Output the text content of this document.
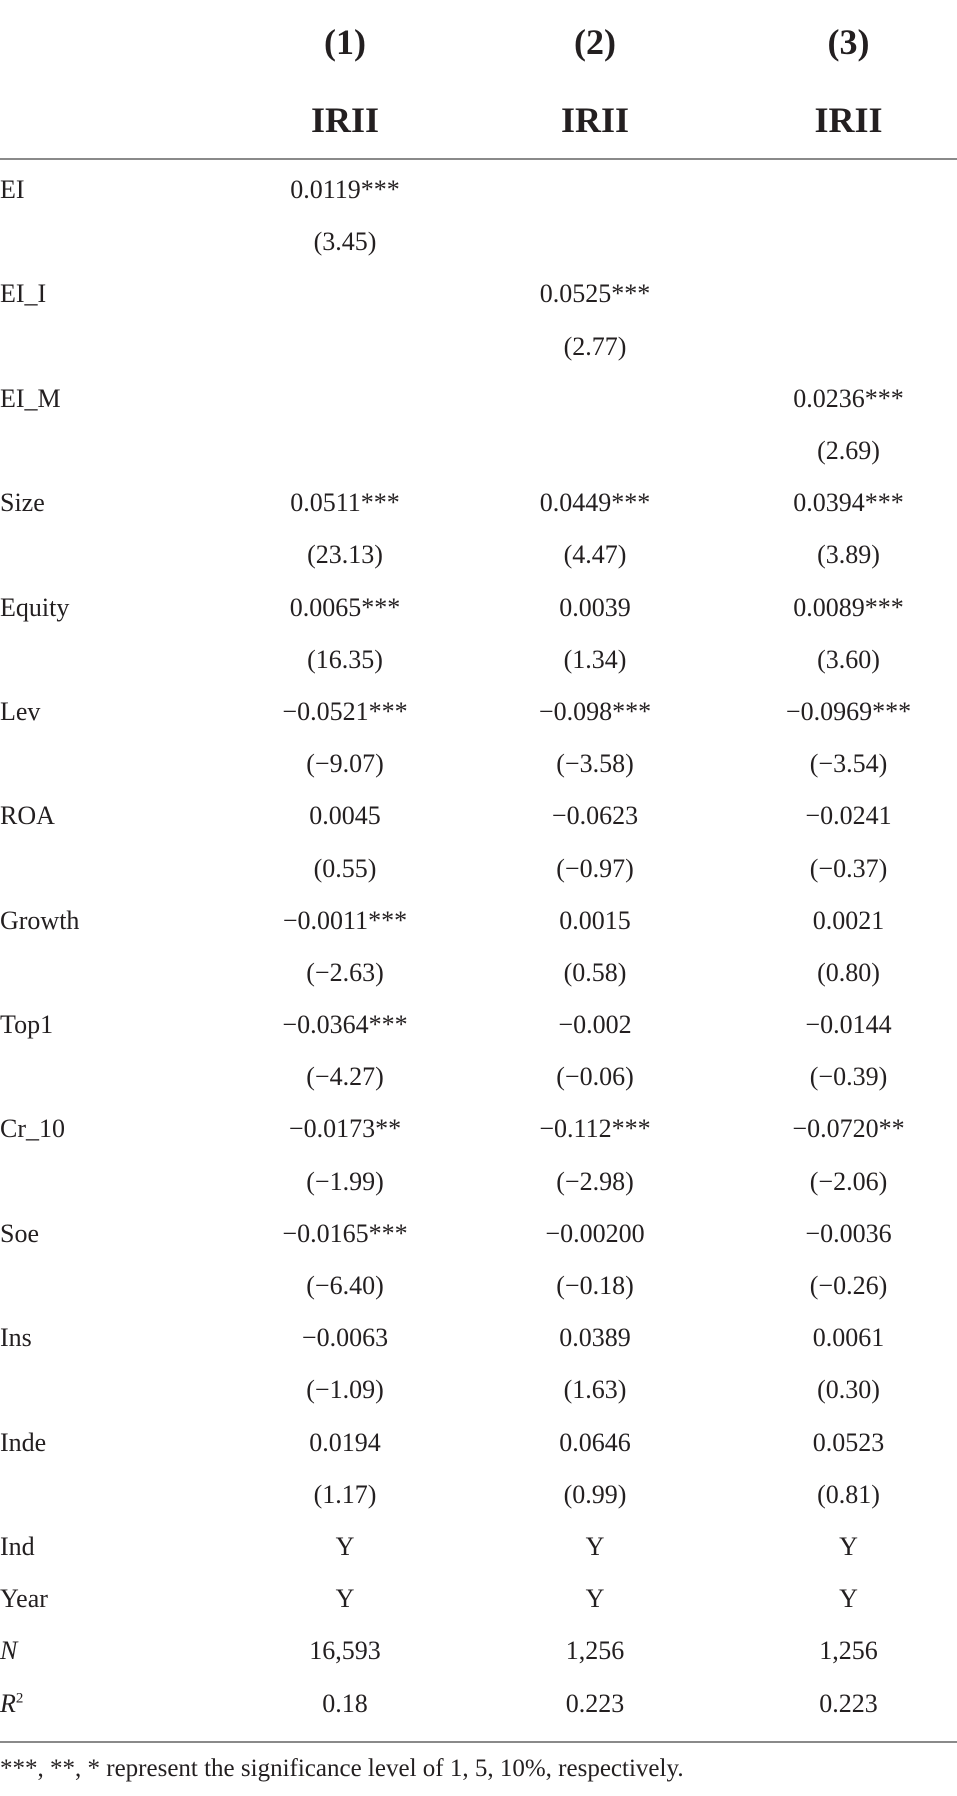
	(1)	(2)	(3)
	IRII	IRII	IRII
EI	0.0119***		
	(3.45)		
EI_I		0.0525***	
		(2.77)	
EI_M			0.0236***
			(2.69)
Size	0.0511***	0.0449***	0.0394***
	(23.13)	(4.47)	(3.89)
Equity	0.0065***	0.0039	0.0089***
	(16.35)	(1.34)	(3.60)
Lev	−0.0521***	−0.098***	−0.0969***
	(−9.07)	(−3.58)	(−3.54)
ROA	0.0045	−0.0623	−0.0241
	(0.55)	(−0.97)	(−0.37)
Growth	−0.0011***	0.0015	0.0021
	(−2.63)	(0.58)	(0.80)
Top1	−0.0364***	−0.002	−0.0144
	(−4.27)	(−0.06)	(−0.39)
Cr_10	−0.0173**	−0.112***	−0.0720**
	(−1.99)	(−2.98)	(−2.06)
Soe	−0.0165***	−0.00200	−0.0036
	(−6.40)	(−0.18)	(−0.26)
Ins	−0.0063	0.0389	0.0061
	(−1.09)	(1.63)	(0.30)
Inde	0.0194	0.0646	0.0523
	(1.17)	(0.99)	(0.81)
Ind	Y	Y	Y
Year	Y	Y	Y
N	16,593	1,256	1,256
$R^2$	0.18	0.223	0.223
***, **, * represent the significance level of 1, 5, 10%, respectively.
